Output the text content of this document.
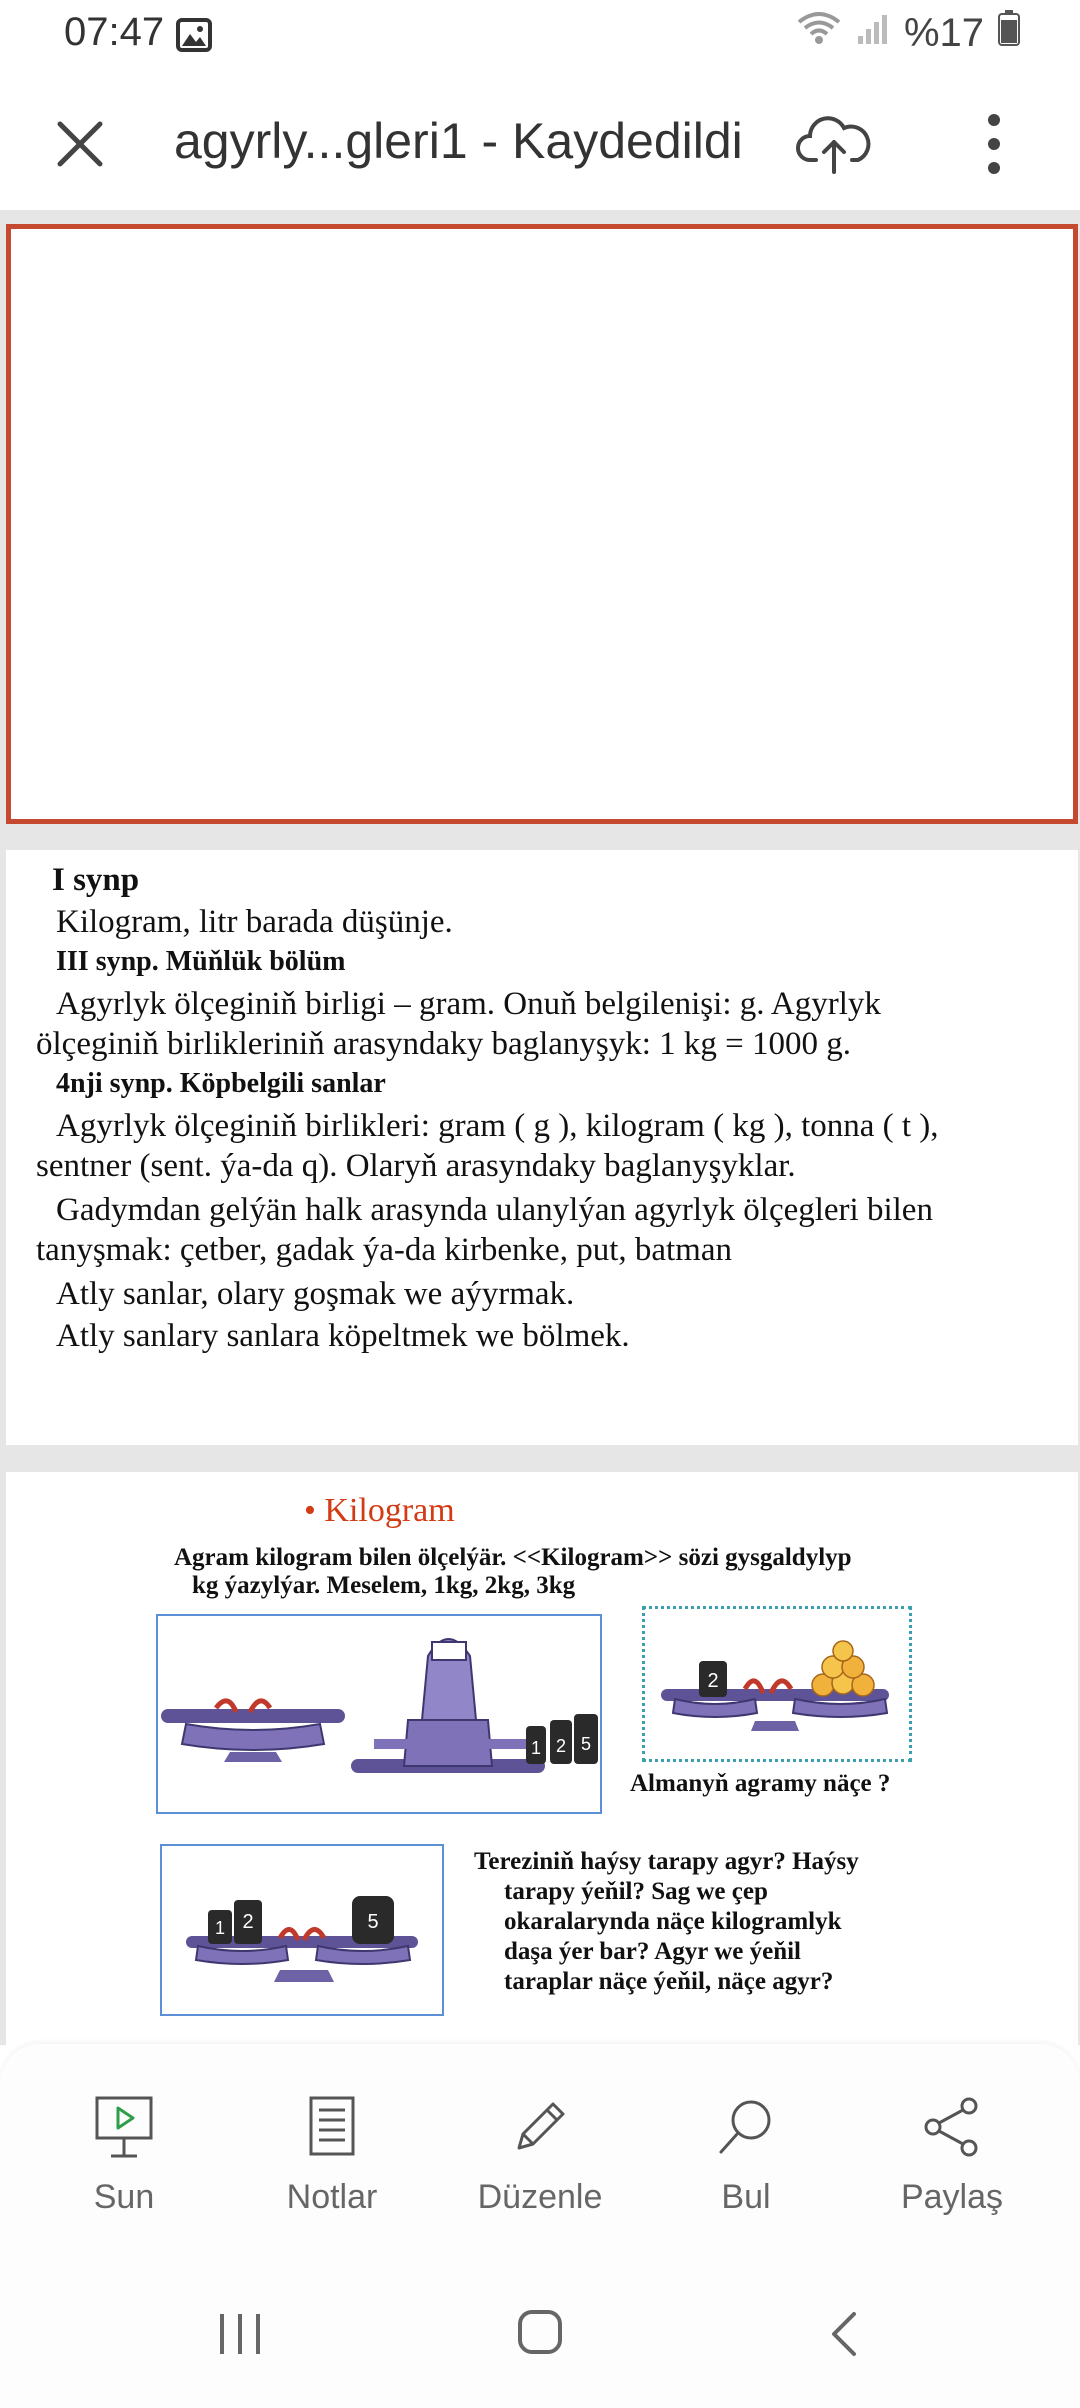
07:47	%17
agyrly...gleri1 - Kaydedildi
I synp
Kilogram, litr barada düşünje.
III synp. Müňlük bölüm
Agyrlyk ölçeginiň birligi – gram. Onuň belgilenişi: g. Agyrlyk
ölçeginiň birlikleriniň arasyndaky baglanyşyk: 1 kg = 1000 g.
4nji synp. Köpbelgili sanlar
Agyrlyk ölçeginiň birlikleri: gram ( g ), kilogram ( kg ), tonna ( t ),
sentner (sent. ýa-da q). Olaryň arasyndaky baglanyşyklar.
Gadymdan gelýän halk arasynda ulanylýan agyrlyk ölçegleri bilen
tanyşmak: çetber, gadak ýa-da kirbenke, put, batman
Atly sanlar, olary goşmak we aýyrmak.
Atly sanlary sanlara köpeltmek we bölmek.
• Kilogram
Agram kilogram bilen ölçelýär. <<Kilogram>> sözi gysgaldylyp
kg ýazylýar. Meselem, 1kg, 2kg, 3kg
1 2 5
2
Almanyň agramy näçe ?
1 2	5
Tereziniň haýsy tarapy agyr? Haýsy
tarapy ýeňil? Sag we çep
okaralarynda näçe kilogramlyk
daşa ýer bar? Agyr we ýeňil
taraplar näçe ýeňil, näçe agyr?
Sun	Notlar	Düzenle	Bul	Paylaş
